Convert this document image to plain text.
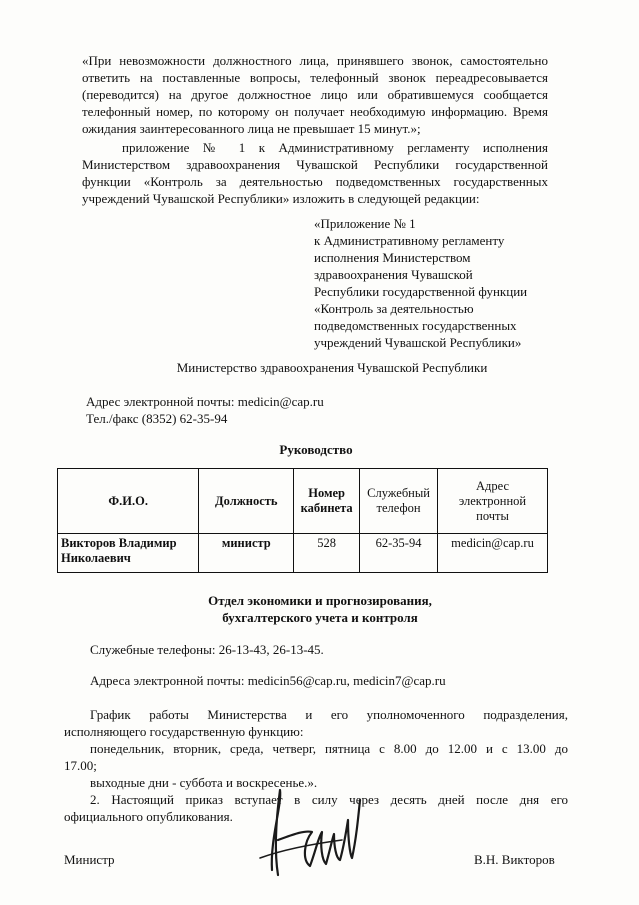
«При невозможности должностного лица, принявшего звонок, самостоятельно
ответить на поставленные вопросы, телефонный звонок переадресовывается
(переводится) на другое должностное лицо или обратившемуся сообщается
телефонный номер, по которому он получает необходимую информацию. Время
ожидания заинтересованного лица не превышает 15 минут.»;
приложение № 1 к Административному регламенту исполнения
Министерством здравоохранения Чувашской Республики государственной
функции «Контроль за деятельностью подведомственных государственных
учреждений Чувашской Республики» изложить в следующей редакции:
«Приложение № 1
к Административному регламенту
исполнения Министерством
здравоохранения Чувашской
Республики государственной функции
«Контроль за деятельностью
подведомственных государственных
учреждений Чувашской Республики»
Министерство здравоохранения Чувашской Республики
Адрес электронной почты: medicin@cap.ru
Тел./факс (8352) 62-35-94
Руководство
Ф.И.О.	Должность	Номер кабинета	Служебный телефон	Адрес электронной почты
Викторов Владимир Николаевич	министр	528	62-35-94	medicin@cap.ru
Отдел экономики и прогнозирования,
бухгалтерского учета и контроля
Служебные телефоны: 26-13-43, 26-13-45.
Адреса электронной почты: medicin56@cap.ru, medicin7@cap.ru
График работы Министерства и его уполномоченного подразделения,
исполняющего государственную функцию:
понедельник, вторник, среда, четверг, пятница с 8.00 до 12.00 и с 13.00 до
17.00;
выходные дни - суббота и воскресенье.».
2. Настоящий приказ вступает в силу через десять дней после дня его
официального опубликования.
Министр	В.Н. Викторов
